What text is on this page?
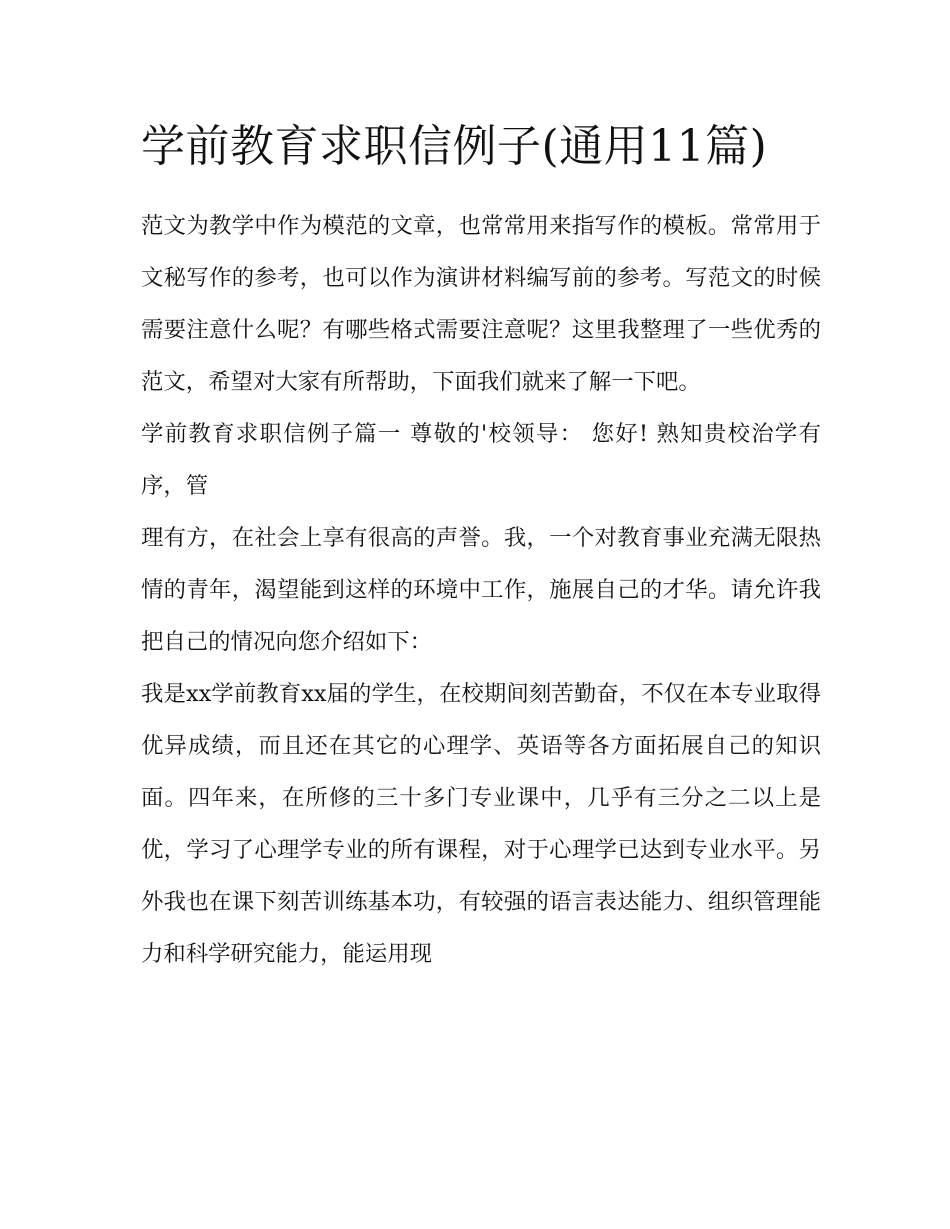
学前教育求职信例子(通用11篇)

范文为教学中作为模范的文章，也常常用来指写作的模板。常常用于文秘写作的参考，也可以作为演讲材料编写前的参考。写范文的时候需要注意什么呢？有哪些格式需要注意呢？这里我整理了一些优秀的范文，希望对大家有所帮助，下面我们就来了解一下吧。

学前教育求职信例子篇一 尊敬的'校领导： 您好! 熟知贵校治学有序，管

理有方，在社会上享有很高的声誉。我，一个对教育事业充满无限热情的青年，渴望能到这样的环境中工作，施展自己的才华。请允许我把自己的情况向您介绍如下：

我是xx学前教育xx届的学生，在校期间刻苦勤奋，不仅在本专业取得优异成绩，而且还在其它的心理学、英语等各方面拓展自己的知识面。四年来，在所修的三十多门专业课中，几乎有三分之二以上是优，学习了心理学专业的所有课程，对于心理学已达到专业水平。另外我也在课下刻苦训练基本功，有较强的语言表达能力、组织管理能力和科学研究能力，能运用现
